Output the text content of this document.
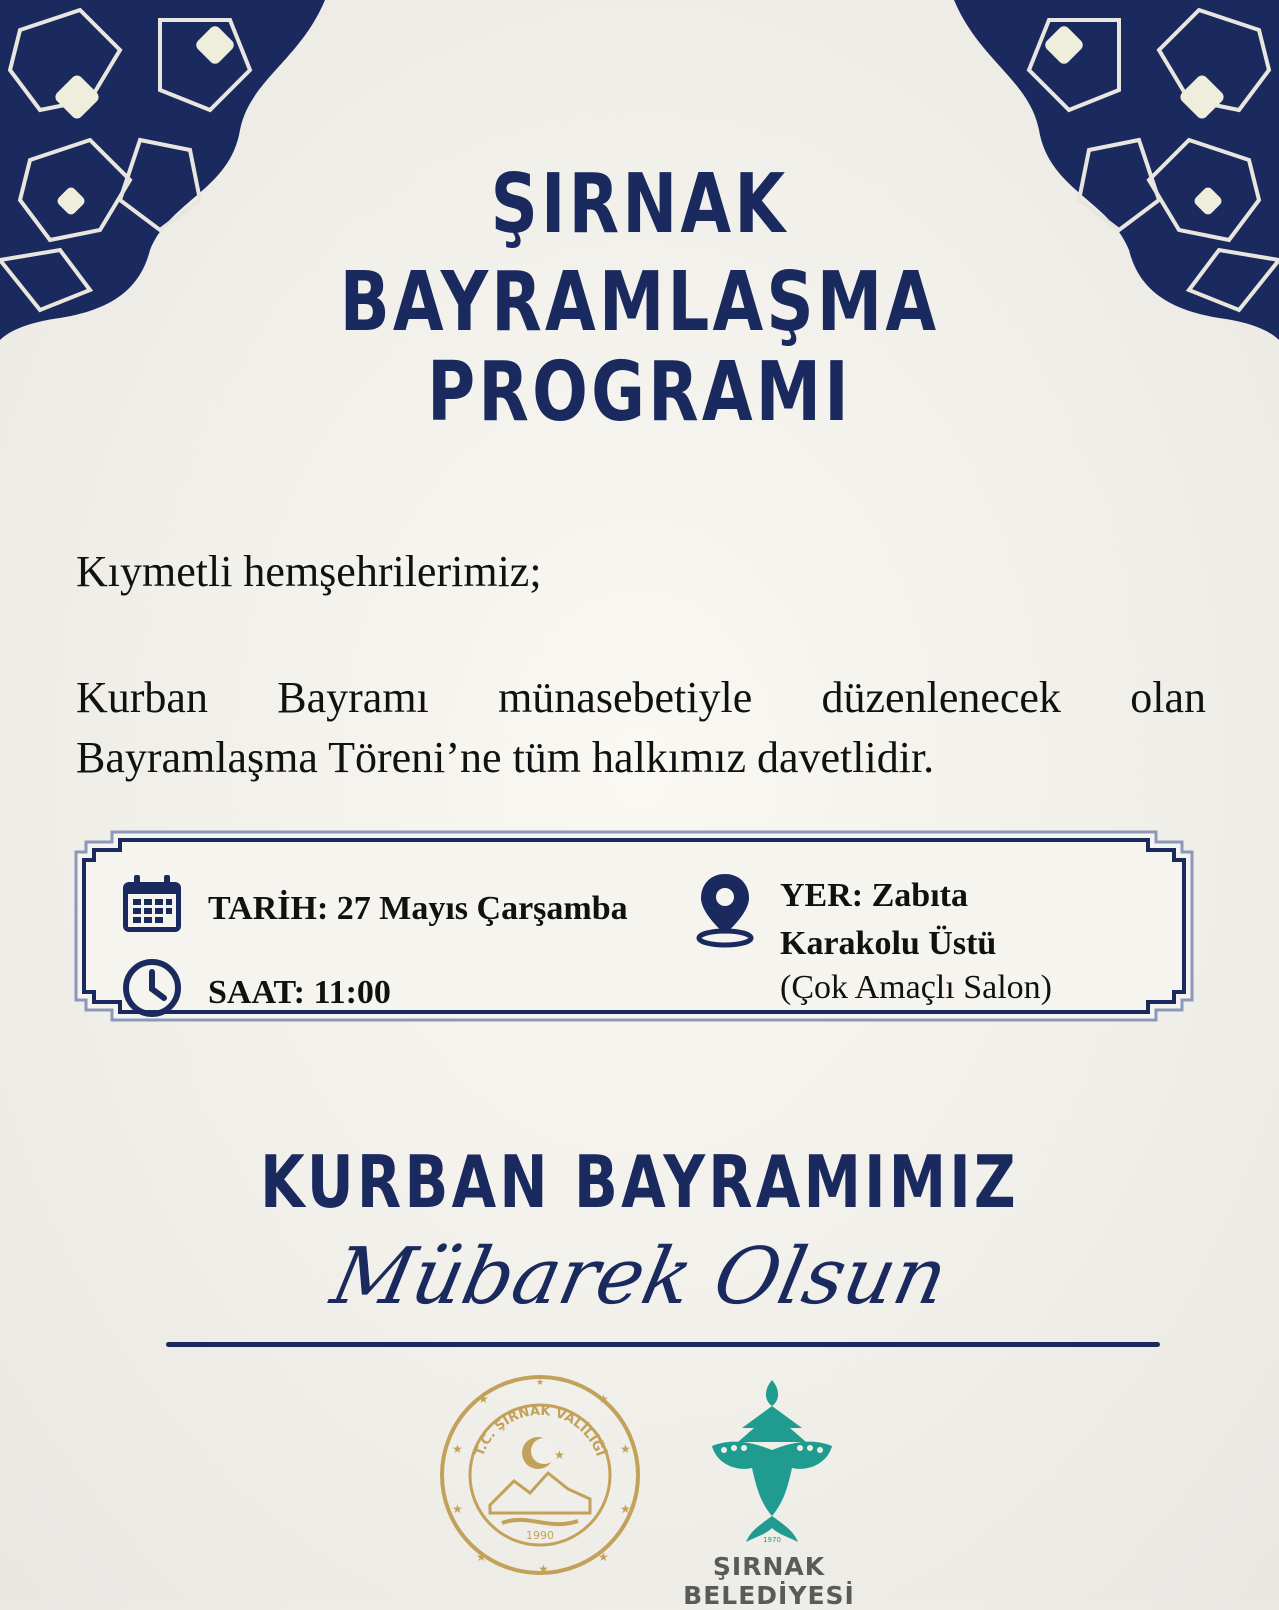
ŞIRNAK
BAYRAMLAŞMA PROGRAMI

Kıymetli hemşehrilerimiz;

Kurban Bayramı münasebetiyle düzenlenecek olan Bayramlaşma Töreni’ne tüm halkımız davetlidir.

TARİH: 27 Mayıs Çarşamba
SAAT: 11:00
YER: Zabıta
Karakolu Üstü
(Çok Amaçlı Salon)
KURBAN BAYRAMIMIZ

Mübarek Olsun

★
★	★
★	★
★	★
★	★
★
T.C. ŞIRNAK VALİLİĞİ
★
1990	1970
ŞIRNAK BELEDİYESİ
